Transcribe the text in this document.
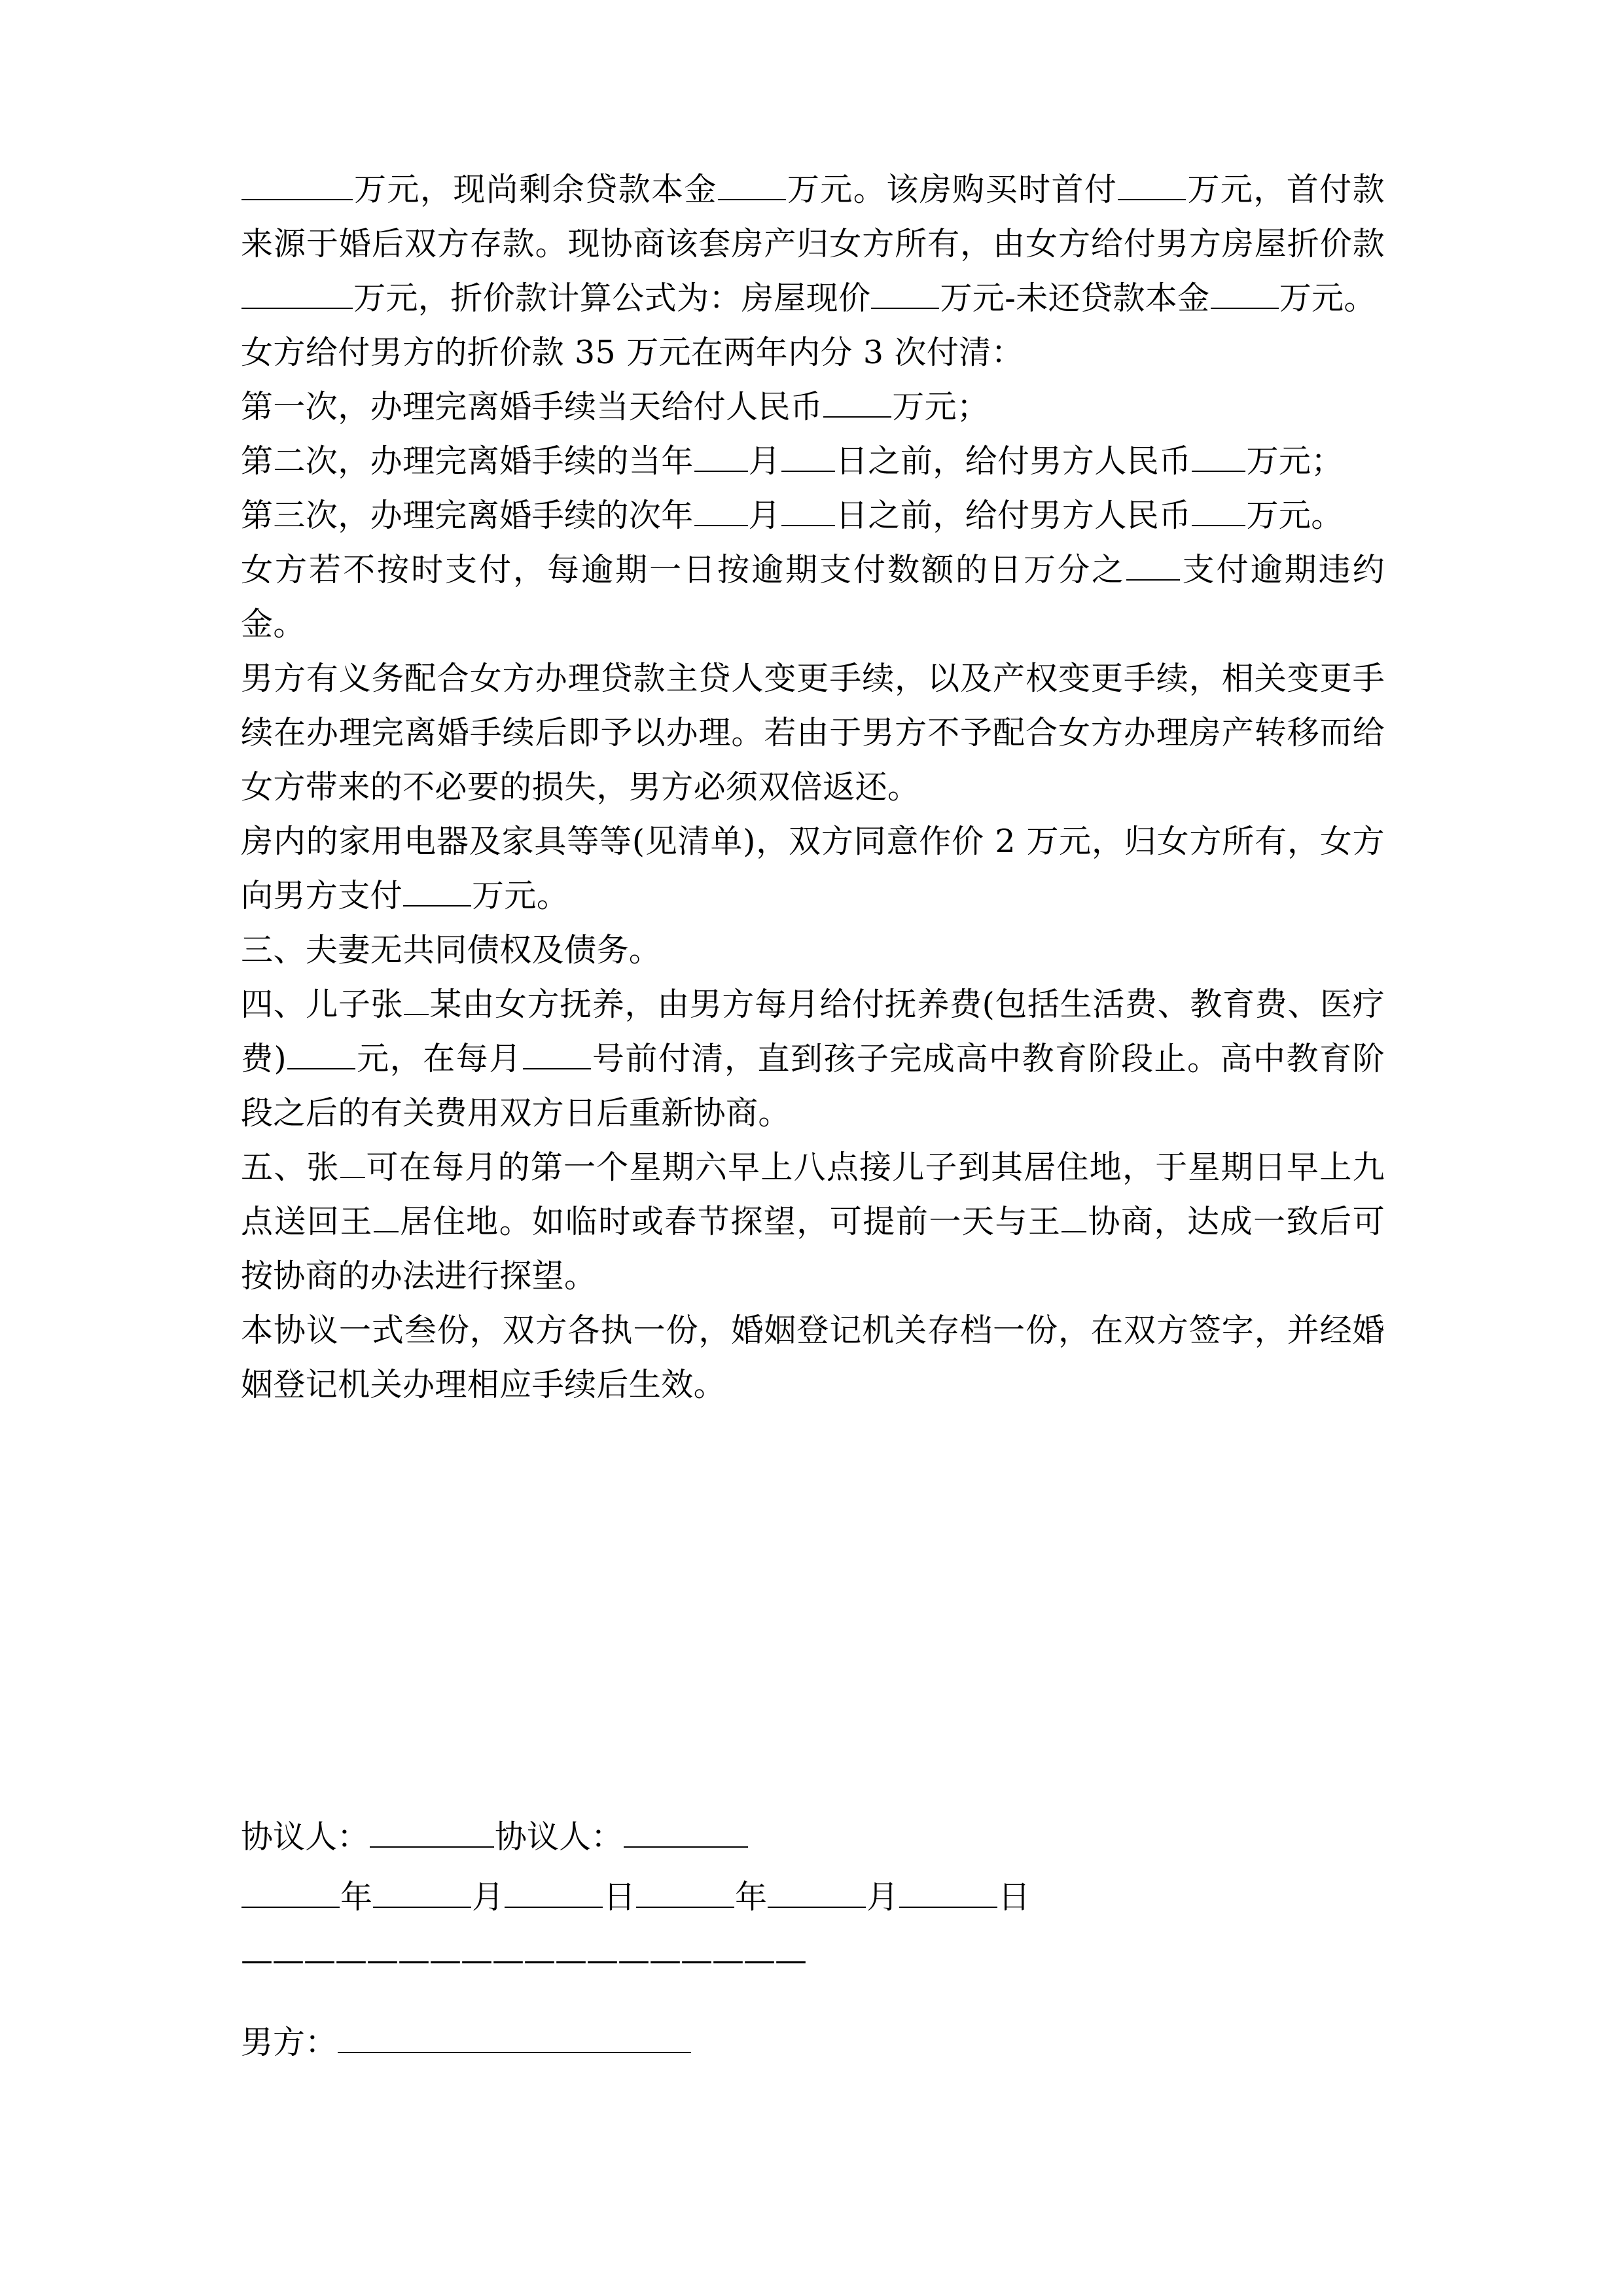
万元，现尚剩余贷款本金 万元。该房购买时首付 万元，首付款来源于婚后双方存款。现协商该套房产归女方所有，由女方给付男方房屋折价款万元，折价款计算公式为：房屋现价 万元-未还贷款本金 万元。
女方给付男方的折价款 35 万元在两年内分 3 次付清：
第一次，办理完离婚手续当天给付人民币 万元；
第二次，办理完离婚手续的当年 月 日之前，给付男方人民币 万元；
第三次，办理完离婚手续的次年 月 日之前，给付男方人民币 万元。
女方若不按时支付，每逾期一日按逾期支付数额的日万分之 支付逾期违约金。
男方有义务配合女方办理贷款主贷人变更手续，以及产权变更手续，相关变更手续在办理完离婚手续后即予以办理。若由于男方不予配合女方办理房产转移而给女方带来的不必要的损失，男方必须双倍返还。
房内的家用电器及家具等等(见清单)，双方同意作价 2 万元，归女方所有，女方向男方支付 万元。
三、夫妻无共同债权及债务。
四、儿子张 某由女方抚养，由男方每月给付抚养费(包括生活费、教育费、医疗费) 元，在每月 号前付清，直到孩子完成高中教育阶段止。高中教育阶段之后的有关费用双方日后重新协商。
五、张 可在每月的第一个星期六早上八点接儿子到其居住地，于星期日早上九点送回王 居住地。如临时或春节探望，可提前一天与王 协商，达成一致后可按协商的办法进行探望。
本协议一式叁份，双方各执一份，婚姻登记机关存档一份，在双方签字，并经婚姻登记机关办理相应手续后生效。
协议人：	协议人：
年	月	日	年	月	日
——————————————————
男方：
